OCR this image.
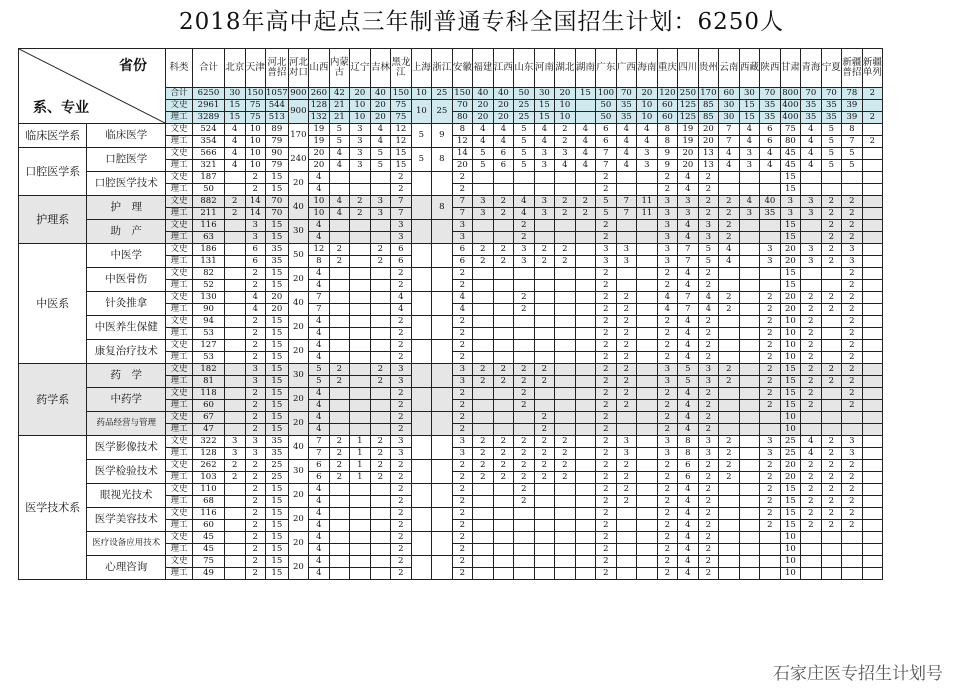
2018年高中起点三年制普通专科全国招生计划：6250人
省份
系、专业		科类	合计	北京	天津	河北普招	河北对口	山西	内蒙古	辽宁	吉林	黑龙江	上海	浙江	安徽	福建	江西	山东	河南	湖北	湖南	广东	广西	海南	重庆	四川	贵州	云南	西藏	陕西	甘肃	青海	宁夏	新疆普招	新疆单列
		合计	6250	30	150	1057	900	260	42	20	40	150	10	25	150	40	40	50	30	20	15	100	70	20	120	250	170	60	30	70	800	70	70	78	2
		文史	2961	15	75	544	900	128	21	10	20	75	10	25	70	20	20	25	15	10		50	35	10	60	125	85	30	15	35	400	35	35	39	
		理工	3289	15	75	513		132	21	10	20	75			80	20	20	25	15	10		50	35	10	60	125	85	30	15	35	400	35	35	39	2
临床医学系	临床医学	文史	524	4	10	89	170	19	5	3	4	12	5	9	8	4	4	5	4	2	4	6	4	4	8	19	20	7	4	6	75	4	5	8	
		理工	354	4	10	79		19	5	3	4	12			12	4	4	5	4	2	4	6	4	4	8	19	20	7	4	6	80	4	5	7	2
口腔医学系	口腔医学	文史	566	4	10	90	240	20	4	3	5	15	5	8	14	5	6	5	3	3	4	7	4	3	9	20	13	4	3	4	45	4	5	5	
		理工	321	4	10	79		20	4	3	5	15			20	5	6	5	3	4	4	7	4	3	9	20	13	4	3	4	45	4	5	5	
	口腔医学技术	文史	187		2	15	20	4				2			2							2			2	4	2				15				
		理工	50		2	15		4				2			2							2			2	4	2				15				
护理系	护　理	文史	882	2	14	70	40	10	4	2	3	7		8	7	3	2	4	3	2	2	5	7	11	3	3	2	2	4	40	3	3	2	2	
		理工	211	2	14	70		10	4	2	3	7			7	3	2	4	3	2	2	5	7	11	3	3	2	2	3	35	3	3	2	2	
	助　产	文史	116		3	15	30	4				3			3			2				2			3	4	3	2			15		2	2	
		理工	63		3	15		4				3			3			2				2			3	4	3	2			15		2	2	
中医系	中医学	文史	186		6	35	50	12	2		2	6			6	2	2	3	2	2		3	3		3	7	5	4		3	20	3	2	3	
		理工	131		6	35		8	2		2	6			6	2	2	3	2	2		3	3		3	7	5	4		3	20	3	2	3	
	中医骨伤	文史	82		2	15	20	4				2			2							2			2	4	2				15			2	
		理工	52		2	15		4				2			2							2			2	4	2				15			2	
	针灸推拿	文史	130		4	20	40	7				4			4			2				2	2		4	7	4	2		2	20	2	2	2	
		理工	90		4	20		7				4			4			2				2	2		4	7	4	2		2	20	2	2	2	
	中医养生保健	文史	94		2	15	20	4				2			2							2	2		2	4	2			2	10	2		2	
		理工	53		2	15		4				2			2							2	2		2	4	2			2	10	2		2	
	康复治疗技术	文史	127		2	15	20	4				2			2							2	2		2	4	2			2	10	2		2	
		理工	53		2	15		4				2			2							2	2		2	4	2			2	10	2		2	
药学系	药　学	文史	182		3	15	30	5	2		2	3			3	2	2	2	2			2	2		3	5	3	2		2	15	2	2	2	
		理工	81		3	15		5	2		2	3			3	2	2	2	2			2	2		3	5	3	2		2	15	2	2	2	
	中药学	文史	118		2	15	20	4				2			2			2				2	2		2	4	2			2	15	2		2	
		理工	60		2	15		4				2			2			2				2	2		2	4	2			2	15	2		2	
	药品经营与管理	文史	67		2	15	20	4				2			2				2			2			2	4	2				10				
		理工	47		2	15		4				2			2				2			2			2	4	2				10				
医学技术系	医学影像技术	文史	322	3	3	35	40	7	2	1	2	3			3	2	2	2	2	2		2	3		3	8	3	2		3	25	4	2	3	
		理工	128	3	3	35		7	2	1	2	3			3	2	2	2	2	2		2	3		3	8	3	2		3	25	4	2	3	
	医学检验技术	文史	262	2	2	25	30	6	2	1	2	2			2	2	2	2	2	2		2	2		2	6	2	2		2	20	2	2	2	
		理工	103	2	2	25		6	2	1	2	2			2	2	2	2	2	2		2	2		2	6	2	2		2	20	2	2	2	
	眼视光技术	文史	110		2	15	20	4				2			2			2				2	2		2	4	2			2	15	2	2	2	
		理工	68		2	15		4				2			2			2				2	2		2	4	2			2	15	2	2	2	
	医学美容技术	文史	116		2	15	20	4				2			2							2			2	4	2			2	15	2	2	2	
		理工	60		2	15		4				2			2							2			2	4	2			2	15	2	2	2	
	医疗设备应用技术	文史	45		2	15	20	4				2			2							2			2	4	2				10				
		理工	45		2	15		4				2			2							2			2	4	2				10				
	心理咨询	文史	75		2	15	20	4				2			2							2			2	4	2				10				
		理工	49		2	15		4				2			2							2			2	4	2				10				
石家庄医专招生计划号
